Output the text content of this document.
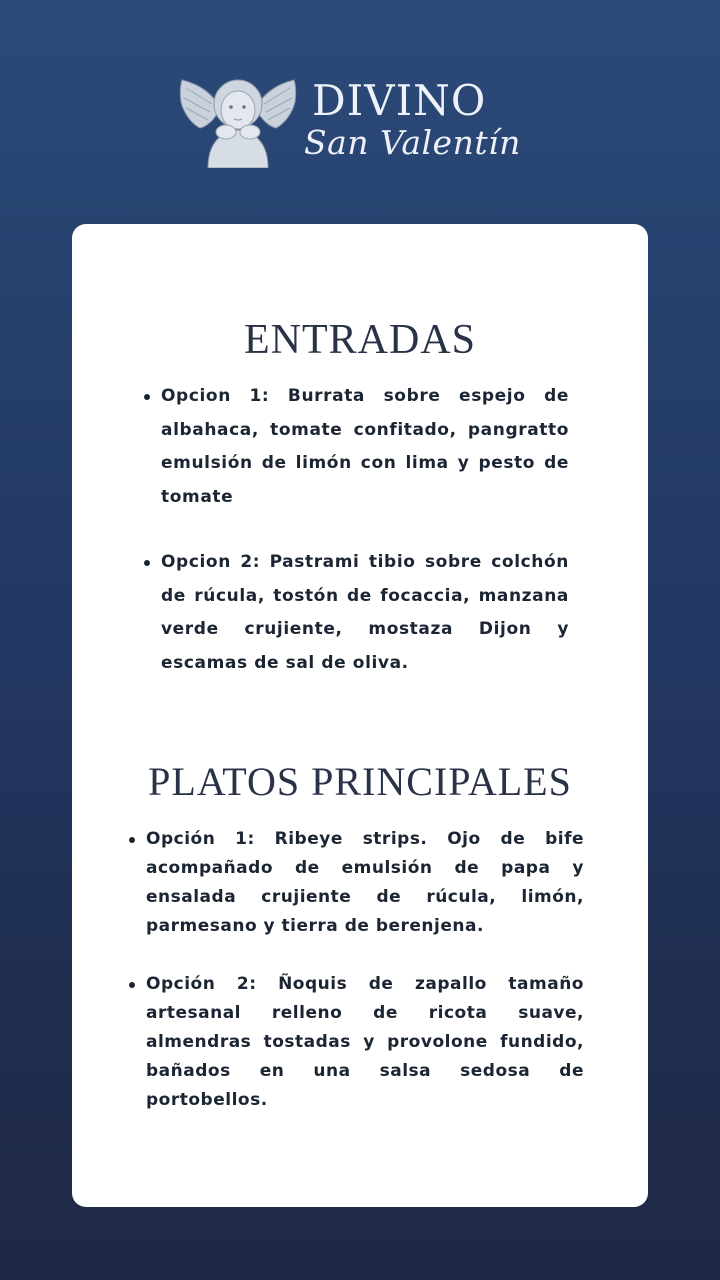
DIVINO
San Valentín
ENTRADAS
Opcion 1: Burrata sobre espejo de albahaca, tomate confitado, pangratto emulsión de limón con lima y pesto de tomate
Opcion 2: Pastrami tibio sobre colchón de rúcula, tostón de focaccia, manzana verde crujiente, mostaza Dijon y escamas de sal de oliva.
PLATOS PRINCIPALES
Opción 1: Ribeye strips. Ojo de bife acompañado de emulsión de papa y ensalada crujiente de rúcula, limón, parmesano y tierra de berenjena.
Opción 2: Ñoquis de zapallo tamaño artesanal relleno de ricota suave, almendras tostadas y provolone fundido, bañados en una salsa sedosa de portobellos.
